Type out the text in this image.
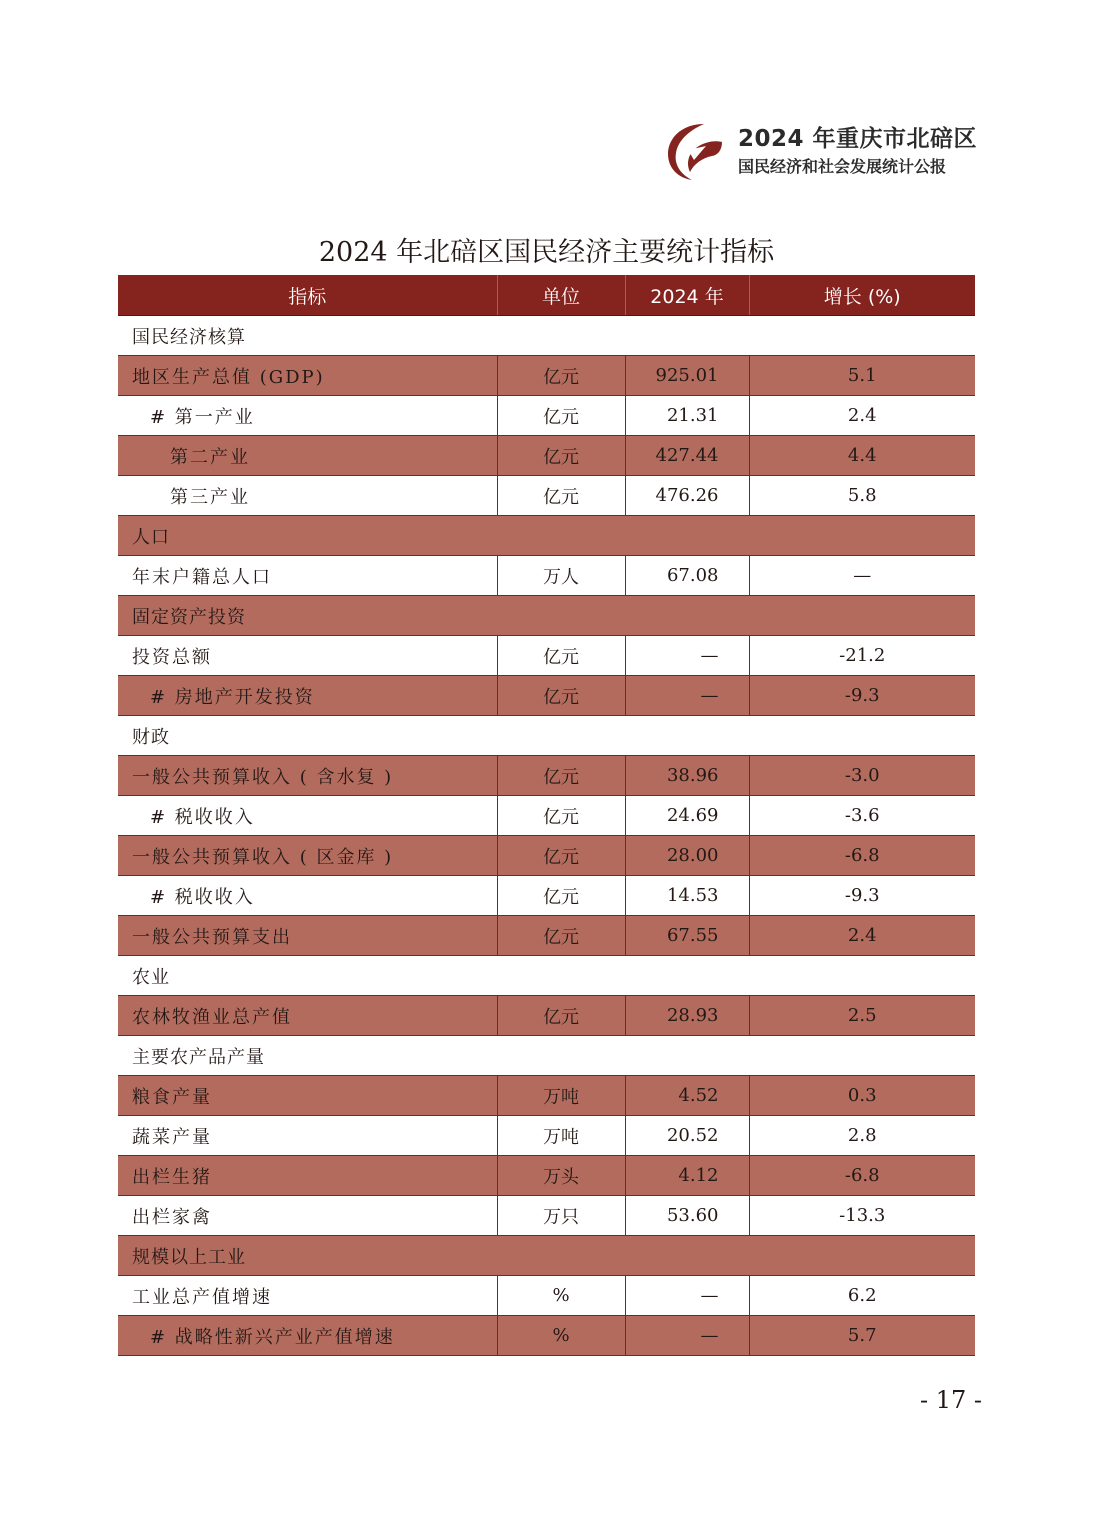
2024 年重庆市北碚区
国民经济和社会发展统计公报
2024 年北碚区国民经济主要统计指标
指标	单位	2024 年	增长 (%)
国民经济核算			
地区生产总值 (GDP)	亿元	925.01	5.1
# 第一产业	亿元	21.31	2.4
第二产业	亿元	427.44	4.4
第三产业	亿元	476.26	5.8
人口			
年末户籍总人口	万人	67.08	—
固定资产投资			
投资总额	亿元	—	-21.2
# 房地产开发投资	亿元	—	-9.3
财政			
一般公共预算收入 ( 含水复 )	亿元	38.96	-3.0
# 税收收入	亿元	24.69	-3.6
一般公共预算收入 ( 区金库 )	亿元	28.00	-6.8
# 税收收入	亿元	14.53	-9.3
一般公共预算支出	亿元	67.55	2.4
农业			
农林牧渔业总产值	亿元	28.93	2.5
主要农产品产量			
粮食产量	万吨	4.52	0.3
蔬菜产量	万吨	20.52	2.8
出栏生猪	万头	4.12	-6.8
出栏家禽	万只	53.60	-13.3
规模以上工业			
工业总产值增速	%	—	6.2
# 战略性新兴产业产值增速	%	—	5.7
- 17 -
